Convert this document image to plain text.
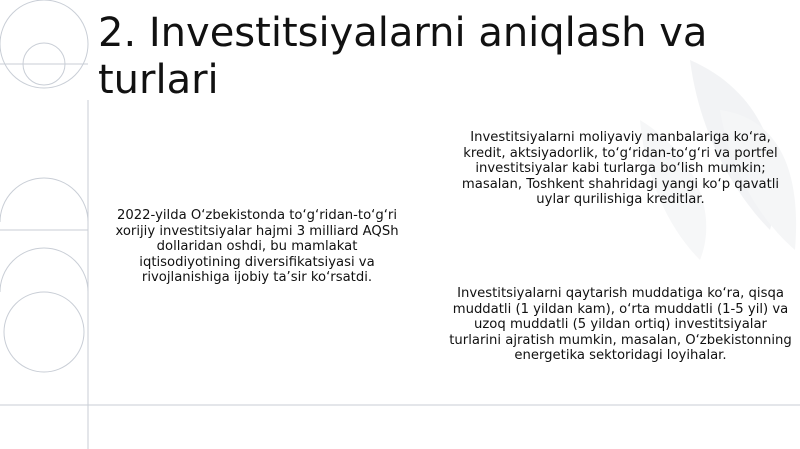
2. Investitsiyalarni aniqlash va turlari

2022-yilda O‘zbekistonda to‘g‘ridan-to‘g‘ri xorijiy investitsiyalar hajmi 3 milliard AQSh dollaridan oshdi, bu mamlakat iqtisodiyotining diversifikatsiyasi va rivojlanishiga ijobiy ta’sir ko‘rsatdi.

Investitsiyalarni moliyaviy manbalariga ko‘ra, kredit, aktsiyadorlik, to‘g‘ridan-to‘g‘ri va portfel investitsiyalar kabi turlarga bo‘lish mumkin; masalan, Toshkent shahridagi yangi ko‘p qavatli uylar qurilishiga kreditlar.

Investitsiyalarni qaytarish muddatiga ko‘ra, qisqa muddatli (1 yildan kam), o‘rta muddatli (1-5 yil) va uzoq muddatli (5 yildan ortiq) investitsiyalar turlarini ajratish mumkin, masalan, O‘zbekistonning energetika sektoridagi loyihalar.
